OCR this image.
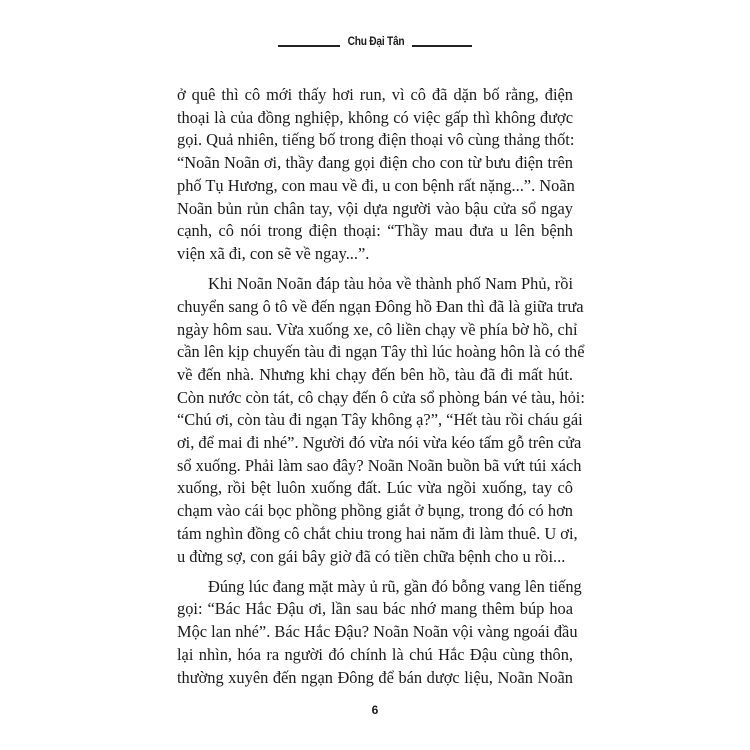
Chu Đại Tân
ở quê thì cô mới thấy hơi run, vì cô đã dặn bố rằng, điện
thoại là của đồng nghiệp, không có việc gấp thì không được
gọi. Quả nhiên, tiếng bố trong điện thoại vô cùng thảng thốt:
“Noãn Noãn ơi, thầy đang gọi điện cho con từ bưu điện trên
phố Tụ Hương, con mau về đi, u con bệnh rất nặng...”. Noãn
Noãn bủn rủn chân tay, vội dựa người vào bậu cửa sổ ngay
cạnh, cô nói trong điện thoại: “Thầy mau đưa u lên bệnh
viện xã đi, con sẽ về ngay...”.
Khi Noãn Noãn đáp tàu hỏa về thành phố Nam Phủ, rồi
chuyển sang ô tô về đến ngạn Đông hồ Đan thì đã là giữa trưa
ngày hôm sau. Vừa xuống xe, cô liền chạy về phía bờ hồ, chỉ
cần lên kịp chuyến tàu đi ngạn Tây thì lúc hoàng hôn là có thể
về đến nhà. Nhưng khi chạy đến bên hồ, tàu đã đi mất hút.
Còn nước còn tát, cô chạy đến ô cửa sổ phòng bán vé tàu, hỏi:
“Chú ơi, còn tàu đi ngạn Tây không ạ?”, “Hết tàu rồi cháu gái
ơi, để mai đi nhé”. Người đó vừa nói vừa kéo tấm gỗ trên cửa
sổ xuống. Phải làm sao đây? Noãn Noãn buồn bã vứt túi xách
xuống, rồi bệt luôn xuống đất. Lúc vừa ngồi xuống, tay cô
chạm vào cái bọc phồng phồng giắt ở bụng, trong đó có hơn
tám nghìn đồng cô chắt chiu trong hai năm đi làm thuê. U ơi,
u đừng sợ, con gái bây giờ đã có tiền chữa bệnh cho u rồi...
Đúng lúc đang mặt mày ủ rũ, gần đó bỗng vang lên tiếng
gọi: “Bác Hắc Đậu ơi, lần sau bác nhớ mang thêm búp hoa
Mộc lan nhé”. Bác Hắc Đậu? Noãn Noãn vội vàng ngoái đầu
lại nhìn, hóa ra người đó chính là chú Hắc Đậu cùng thôn,
thường xuyên đến ngạn Đông để bán dược liệu, Noãn Noãn
6
